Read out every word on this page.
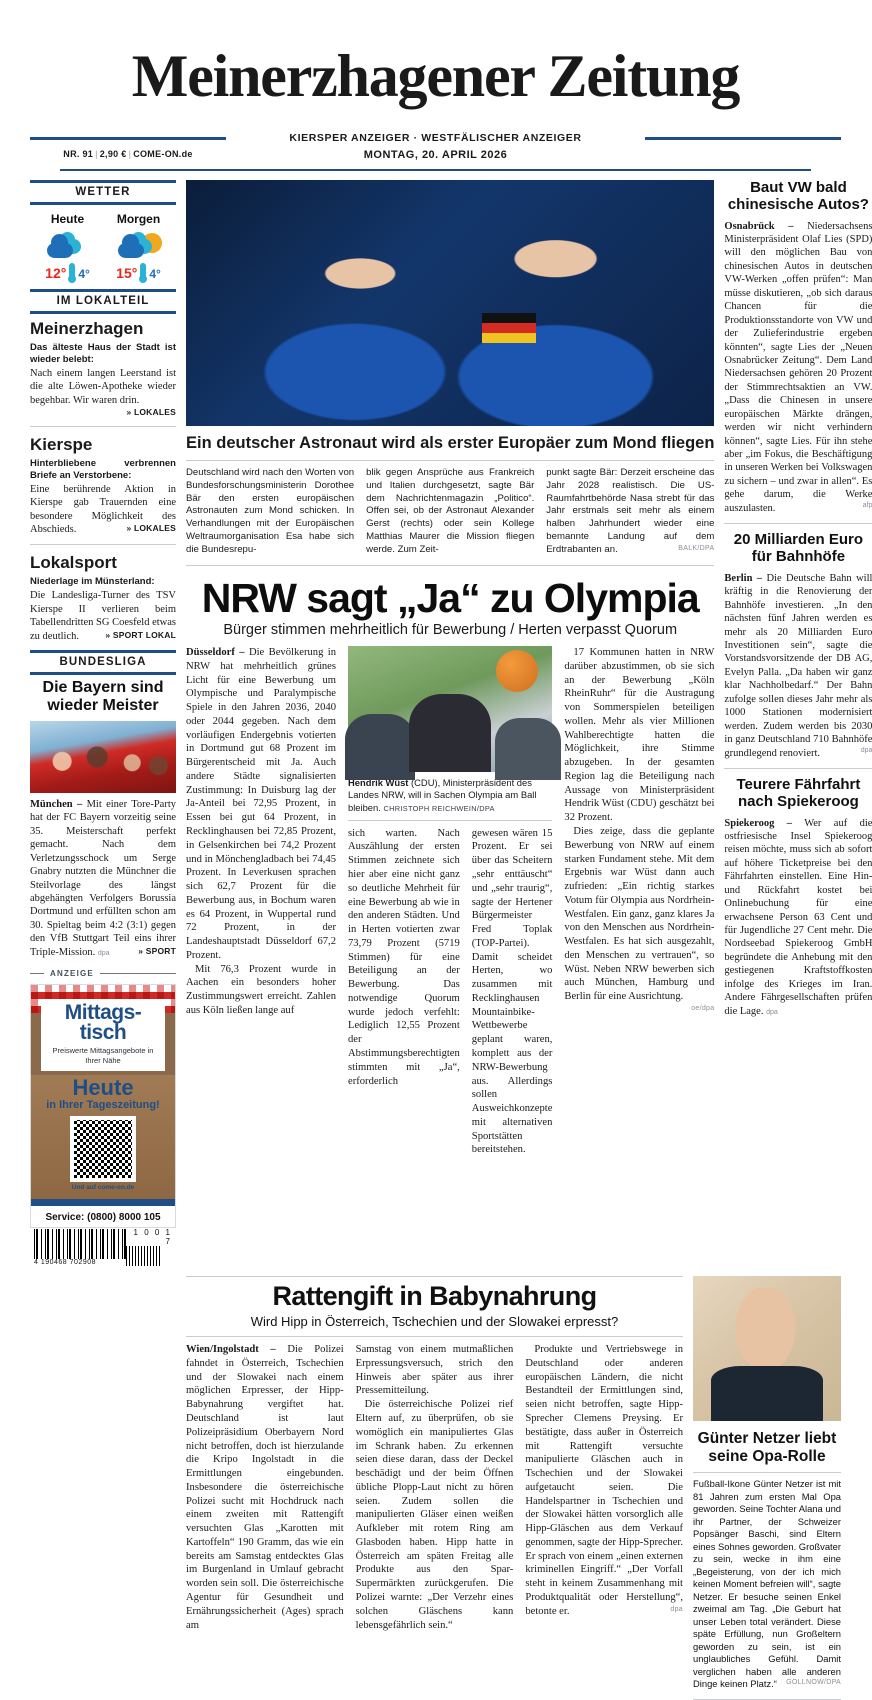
Meinerzhagener Zeitung
KIERSPER ANZEIGER · WESTFÄLISCHER ANZEIGER
NR. 91 | 2,90 € | COME-ON.de	MONTAG, 20. APRIL 2026
WETTER
Heute
12° 4°
Morgen
15° 4°
IM LOKALTEIL
Meinerzhagen
Das älteste Haus der Stadt ist wieder belebt:
Nach einem langen Leerstand ist die alte Löwen-Apotheke wieder begehbar. Wir waren drin.
» LOKALES
Kierspe
Hinterbliebene verbrennen Briefe an Verstorbene:
Eine berührende Aktion in Kierspe gab Trauernden eine besondere Möglichkeit des Abschieds.	» LOKALES
Lokalsport
Niederlage im Münsterland:
Die Landesliga-Turner des TSV Kierspe II verlieren beim Tabellendritten SG Coesfeld etwas zu deutlich.	» SPORT LOKAL
BUNDESLIGA
Die Bayern sind wieder Meister
München – Mit einer Tore-Party hat der FC Bayern vorzeitig seine 35. Meisterschaft perfekt gemacht. Nach dem Verletzungsschock um Serge Gnabry nutzten die Münchner die Steilvorlage des längst abgehängten Verfolgers Borussia Dortmund und erfüllten schon am 30. Spieltag beim 4:2 (3:1) gegen den VfB Stuttgart Teil eins ihrer Triple-Mission. dpa	» SPORT
ANZEIGE
Mittags-
tisch
Preiswerte Mittagsangebote in Ihrer Nähe
Heute
in Ihrer Tageszeitung!
Und auf come-on.de
Service: (0800) 8000 105
4 190468 702908
1 0 0 1 7
Ein deutscher Astronaut wird als erster Europäer zum Mond fliegen
Deutschland wird nach den Worten von Bundesforschungsministerin Dorothee Bär den ersten europäischen Astronauten zum Mond schicken. In Verhandlungen mit der Europäischen Weltraumorganisation Esa habe sich die Bundesrepu-
blik gegen Ansprüche aus Frankreich und Italien durchgesetzt, sagte Bär dem Nachrichtenmagazin „Politico“. Offen sei, ob der Astronaut Alexander Gerst (rechts) oder sein Kollege Matthias Maurer die Mission fliegen werde. Zum Zeit-
punkt sagte Bär: Derzeit erscheine das Jahr 2028 realistisch. Die US-Raumfahrtbehörde Nasa strebt für das Jahr erstmals seit mehr als einem halben Jahrhundert wieder eine bemannte Landung auf dem Erdtrabanten an.	BALK/DPA
NRW sagt „Ja“ zu Olympia
Bürger stimmen mehrheitlich für Bewerbung / Herten verpasst Quorum
Düsseldorf – Die Bevölkerung in NRW hat mehrheitlich grünes Licht für eine Bewerbung um Olympische und Paralympische Spiele in den Jahren 2036, 2040 oder 2044 gegeben. Nach dem vorläufigen Endergebnis votierten in Dortmund gut 68 Prozent im Bürgerentscheid mit Ja. Auch andere Städte signalisierten Zustimmung: In Duisburg lag der Ja-Anteil bei 72,95 Prozent, in Essen bei gut 64 Prozent, in Recklinghausen bei 72,85 Prozent, in Gelsenkirchen bei 74,2 Prozent und in Mönchengladbach bei 74,45 Prozent. In Leverkusen sprachen sich 62,7 Prozent für die Bewerbung aus, in Bochum waren es 64 Prozent, in Wuppertal rund 72 Prozent, in der Landeshauptstadt Düsseldorf 67,2 Prozent.
Mit 76,3 Prozent wurde in Aachen ein besonders hoher Zustimmungswert erreicht. Zahlen aus Köln ließen lange auf
Hendrik Wüst (CDU), Ministerpräsident des Landes NRW, will in Sachen Olympia am Ball bleiben. CHRISTOPH REICHWEIN/DPA
sich warten. Nach Auszählung der ersten Stimmen zeichnete sich hier aber eine nicht ganz so deutliche Mehrheit für eine Bewerbung ab wie in den anderen Städten. Und in Herten votierten zwar 73,79 Prozent (5719 Stimmen) für eine Beteiligung an der Bewerbung. Das notwendige Quorum wurde jedoch verfehlt: Lediglich 12,55 Prozent der Abstimmungsberechtigten stimmten mit „Ja“, erforderlich
gewesen wären 15 Prozent. Er sei über das Scheitern „sehr enttäuscht“ und „sehr traurig“, sagte der Hertener Bürgermeister Fred Toplak (TOP-Partei). Damit scheidet Herten, wo zusammen mit Recklinghausen Mountainbike-Wettbewerbe geplant waren, komplett aus der NRW-Bewerbung aus. Allerdings sollen Ausweichkonzepte mit alternativen Sportstätten bereitstehen.
17 Kommunen hatten in NRW darüber abzustimmen, ob sie sich an der Bewerbung „Köln RheinRuhr“ für die Austragung von Sommerspielen beteiligen wollen. Mehr als vier Millionen Wahlberechtigte hatten die Möglichkeit, ihre Stimme abzugeben. In der gesamten Region lag die Beteiligung nach Aussage von Ministerpräsident Hendrik Wüst (CDU) geschätzt bei 32 Prozent.
Dies zeige, dass die geplante Bewerbung von NRW auf einem starken Fundament stehe. Mit dem Ergebnis war Wüst dann auch zufrieden: „Ein richtig starkes Votum für Olympia aus Nordrhein-Westfalen. Ein ganz, ganz klares Ja von den Menschen aus Nordrhein-Westfalen. Es hat sich ausgezahlt, den Menschen zu vertrauen“, so Wüst. Neben NRW bewerben sich auch München, Hamburg und Berlin für eine Ausrichtung.
oe/dpa
Baut VW bald chinesische Autos?
Osnabrück – Niedersachsens Ministerpräsident Olaf Lies (SPD) will den möglichen Bau von chinesischen Autos in deutschen VW-Werken „offen prüfen“: Man müsse diskutieren, „ob sich daraus Chancen für die Produktionsstandorte von VW und der Zulieferindustrie ergeben könnten“, sagte Lies der „Neuen Osnabrücker Zeitung“. Dem Land Niedersachsen gehören 20 Prozent der Stimmrechtsaktien an VW. „Dass die Chinesen in unsere europäischen Märkte drängen, werden wir nicht verhindern können“, sagte Lies. Für ihn stehe aber „im Fokus, die Beschäftigung in unseren Werken bei Volkswagen zu sichern – und zwar in allen“. Es gehe darum, die Werke auszulasten.	afp
20 Milliarden Euro für Bahnhöfe
Berlin – Die Deutsche Bahn will kräftig in die Renovierung der Bahnhöfe investieren. „In den nächsten fünf Jahren werden es mehr als 20 Milliarden Euro Investitionen sein“, sagte die Vorstandsvorsitzende der DB AG, Evelyn Palla. „Da haben wir ganz klar Nachholbedarf.“ Der Bahn zufolge sollen dieses Jahr mehr als 1000 Stationen modernisiert werden. Zudem werden bis 2030 in ganz Deutschland 710 Bahnhöfe grundlegend renoviert.	dpa
Teurere Fährfahrt nach Spiekeroog
Spiekeroog – Wer auf die ostfriesische Insel Spiekeroog reisen möchte, muss sich ab sofort auf höhere Ticketpreise bei den Fährfahrten einstellen. Eine Hin- und Rückfahrt kostet bei Onlinebuchung für eine erwachsene Person 63 Cent und für Jugendliche 27 Cent mehr. Die Nordseebad Spiekeroog GmbH begründete die Anhebung mit den gestiegenen Kraftstoffkosten infolge des Krieges im Iran. Andere Fährgesellschaften prüfen die Lage. dpa
Rattengift in Babynahrung
Wird Hipp in Österreich, Tschechien und der Slowakei erpresst?
Wien/Ingolstadt – Die Polizei fahndet in Österreich, Tschechien und der Slowakei nach einem möglichen Erpresser, der Hipp-Babynahrung vergiftet hat. Deutschland ist laut Polizeipräsidium Oberbayern Nord nicht betroffen, doch ist hierzulande die Kripo Ingolstadt in die Ermittlungen eingebunden. Insbesondere die österreichische Polizei sucht mit Hochdruck nach einem zweiten mit Rattengift versuchten Glas „Karotten mit Kartoffeln“ 190 Gramm, das wie ein bereits am Samstag entdecktes Glas im Burgenland in Umlauf gebracht worden sein soll. Die österreichische Agentur für Gesundheit und Ernährungssicherheit (Ages) sprach am
Samstag von einem mutmaßlichen Erpressungsversuch, strich den Hinweis aber später aus ihrer Pressemitteilung.
Die österreichische Polizei rief Eltern auf, zu überprüfen, ob sie womöglich ein manipuliertes Glas im Schrank haben. Zu erkennen seien diese daran, dass der Deckel beschädigt und der beim Öffnen übliche Plopp-Laut nicht zu hören seien. Zudem sollen die manipulierten Gläser einen weißen Aufkleber mit rotem Ring am Glasboden haben. Hipp hatte in Österreich am späten Freitag alle Produkte aus den Spar-Supermärkten zurückgerufen. Die Polizei warnte: „Der Verzehr eines solchen Gläschens kann lebensgefährlich sein.“
Produkte und Vertriebswege in Deutschland oder anderen europäischen Ländern, die nicht Bestandteil der Ermittlungen sind, seien nicht betroffen, sagte Hipp-Sprecher Clemens Preysing. Er bestätigte, dass außer in Österreich mit Rattengift versuchte manipulierte Gläschen auch in Tschechien und der Slowakei aufgetaucht seien. Die Handelspartner in Tschechien und der Slowakei hätten vorsorglich alle Hipp-Gläschen aus dem Verkauf genommen, sagte der Hipp-Sprecher. Er sprach von einem „einen externen kriminellen Eingriff.“ „Der Vorfall steht in keinem Zusammenhang mit Produktqualität oder Herstellung“, betonte er.	dpa
Günter Netzer liebt seine Opa-Rolle
Fußball-Ikone Günter Netzer ist mit 81 Jahren zum ersten Mal Opa geworden. Seine Tochter Alana und ihr Partner, der Schweizer Popsänger Baschi, sind Eltern eines Sohnes geworden. Großvater zu sein, wecke in ihm eine „Begeisterung, von der ich mich keinen Moment befreien will“, sagte Netzer. Er besuche seinen Enkel zweimal am Tag. „Die Geburt hat unser Leben total verändert. Diese späte Erfüllung, nun Großeltern geworden zu sein, ist ein unglaubliches Gefühl. Damit verglichen haben alle anderen Dinge keinen Platz.“ GOLLNOW/DPA
